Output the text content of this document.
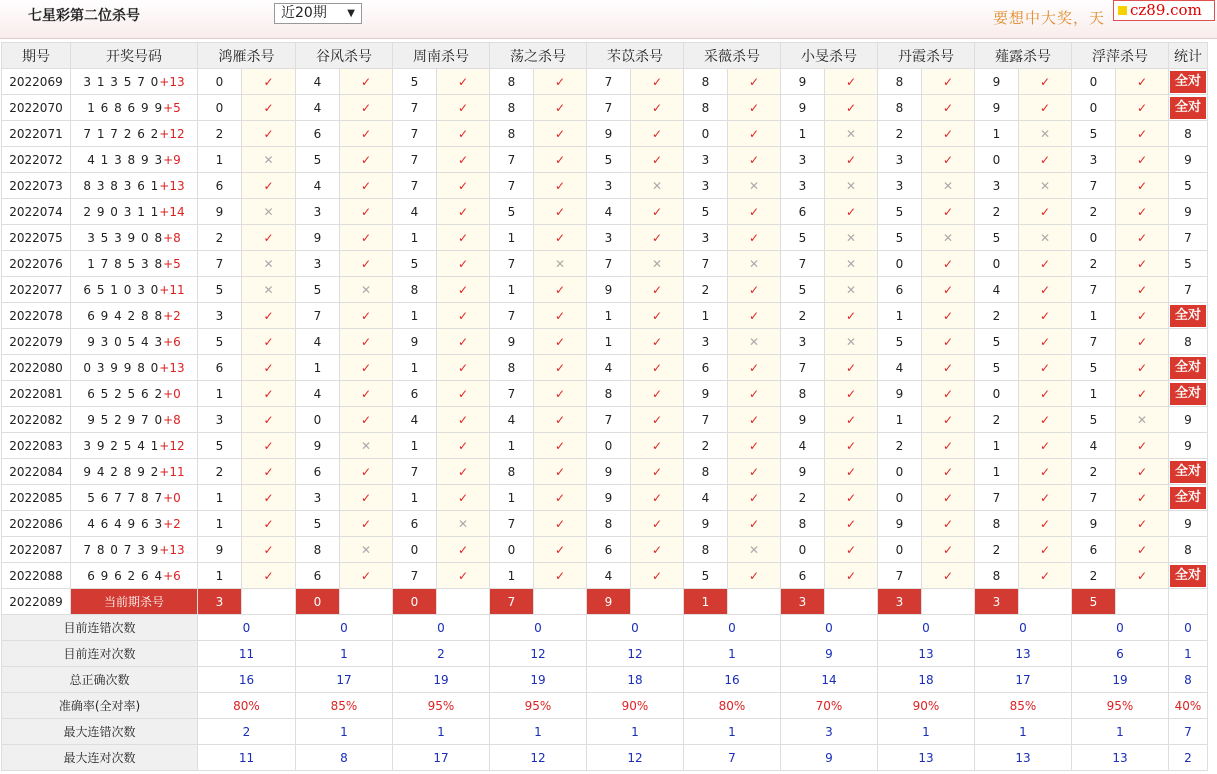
七星彩第二位杀号	近20期 ▼	要想中大奖，天	cz89.com
期号	开奖号码	鸿雁杀号		谷风杀号		周南杀号		荡之杀号		芣苡杀号		采薇杀号		小旻杀号		丹霞杀号		薤露杀号		浮萍杀号		统计
2022069	3 1 3 5 7 0+13	0	✓	4	✓	5	✓	8	✓	7	✓	8	✓	9	✓	8	✓	9	✓	0	✓	全对
2022070	1 6 8 6 9 9+5	0	✓	4	✓	7	✓	8	✓	7	✓	8	✓	9	✓	8	✓	9	✓	0	✓	全对
2022071	7 1 7 2 6 2+12	2	✓	6	✓	7	✓	8	✓	9	✓	0	✓	1	✕	2	✓	1	✕	5	✓	8
2022072	4 1 3 8 9 3+9	1	✕	5	✓	7	✓	7	✓	5	✓	3	✓	3	✓	3	✓	0	✓	3	✓	9
2022073	8 3 8 3 6 1+13	6	✓	4	✓	7	✓	7	✓	3	✕	3	✕	3	✕	3	✕	3	✕	7	✓	5
2022074	2 9 0 3 1 1+14	9	✕	3	✓	4	✓	5	✓	4	✓	5	✓	6	✓	5	✓	2	✓	2	✓	9
2022075	3 5 3 9 0 8+8	2	✓	9	✓	1	✓	1	✓	3	✓	3	✓	5	✕	5	✕	5	✕	0	✓	7
2022076	1 7 8 5 3 8+5	7	✕	3	✓	5	✓	7	✕	7	✕	7	✕	7	✕	0	✓	0	✓	2	✓	5
2022077	6 5 1 0 3 0+11	5	✕	5	✕	8	✓	1	✓	9	✓	2	✓	5	✕	6	✓	4	✓	7	✓	7
2022078	6 9 4 2 8 8+2	3	✓	7	✓	1	✓	7	✓	1	✓	1	✓	2	✓	1	✓	2	✓	1	✓	全对
2022079	9 3 0 5 4 3+6	5	✓	4	✓	9	✓	9	✓	1	✓	3	✕	3	✕	5	✓	5	✓	7	✓	8
2022080	0 3 9 9 8 0+13	6	✓	1	✓	1	✓	8	✓	4	✓	6	✓	7	✓	4	✓	5	✓	5	✓	全对
2022081	6 5 2 5 6 2+0	1	✓	4	✓	6	✓	7	✓	8	✓	9	✓	8	✓	9	✓	0	✓	1	✓	全对
2022082	9 5 2 9 7 0+8	3	✓	0	✓	4	✓	4	✓	7	✓	7	✓	9	✓	1	✓	2	✓	5	✕	9
2022083	3 9 2 5 4 1+12	5	✓	9	✕	1	✓	1	✓	0	✓	2	✓	4	✓	2	✓	1	✓	4	✓	9
2022084	9 4 2 8 9 2+11	2	✓	6	✓	7	✓	8	✓	9	✓	8	✓	9	✓	0	✓	1	✓	2	✓	全对
2022085	5 6 7 7 8 7+0	1	✓	3	✓	1	✓	1	✓	9	✓	4	✓	2	✓	0	✓	7	✓	7	✓	全对
2022086	4 6 4 9 6 3+2	1	✓	5	✓	6	✕	7	✓	8	✓	9	✓	8	✓	9	✓	8	✓	9	✓	9
2022087	7 8 0 7 3 9+13	9	✓	8	✕	0	✓	0	✓	6	✓	8	✕	0	✓	0	✓	2	✓	6	✓	8
2022088	6 9 6 2 6 4+6	1	✓	6	✓	7	✓	1	✓	4	✓	5	✓	6	✓	7	✓	8	✓	2	✓	全对
2022089	当前期杀号	3		0		0		7		9		1		3		3		3		5		
目前连错次数		0		0		0		0		0		0		0		0		0		0		0
目前连对次数		11		1		2		12		12		1		9		13		13		6		1
总正确次数		16		17		19		19		18		16		14		18		17		19		8
准确率(全对率)		80%		85%		95%		95%		90%		80%		70%		90%		85%		95%		40%
最大连错次数		2		1		1		1		1		1		3		1		1		1		7
最大连对次数		11		8		17		12		12		7		9		13		13		13		2
